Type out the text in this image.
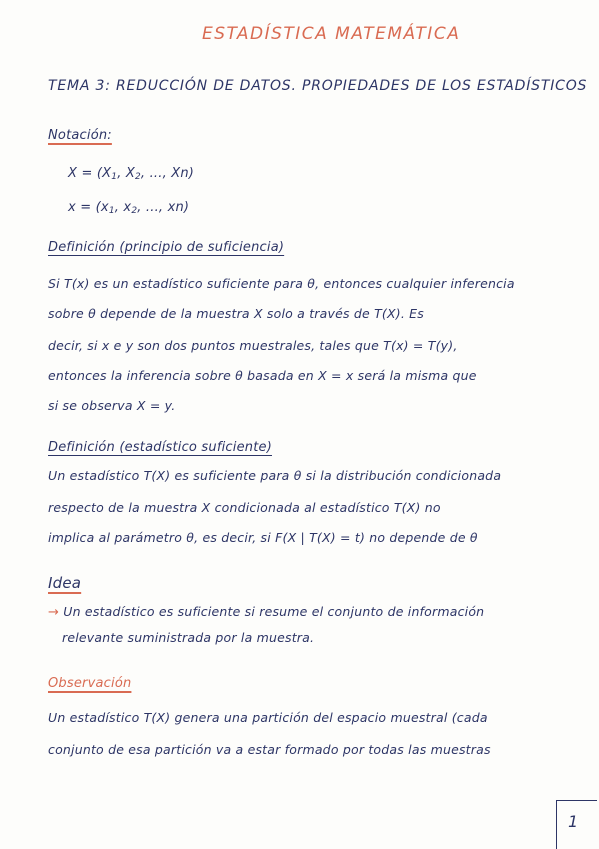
ESTADÍSTICA MATEMÁTICA
TEMA 3: REDUCCIÓN DE DATOS. PROPIEDADES DE LOS ESTADÍSTICOS
Notación:
$X = (X_1$, $X_2$, ..., Xn)
$x = (x_1$, $x_2$, ..., xn)
Definición (principio de suficiencia)
Si T(x) es un estadístico suficiente para θ, entonces cualquier inferencia
sobre θ depende de la muestra X solo a través de T(X). Es
decir, si x e y son dos puntos muestrales, tales que T(x) = T(y),
entonces la inferencia sobre θ basada en X = x será la misma que
si se observa X = y.
Definición (estadístico suficiente)
Un estadístico T(X) es suficiente para θ si la distribución condicionada
respecto de la muestra X condicionada al estadístico T(X) no
implica al parámetro θ, es decir, si F(X | T(X) = t) no depende de θ
Idea
→ Un estadístico es suficiente si resume el conjunto de información
relevante suministrada por la muestra.
Observación
Un estadístico T(X) genera una partición del espacio muestral (cada
conjunto de esa partición va a estar formado por todas las muestras
1
